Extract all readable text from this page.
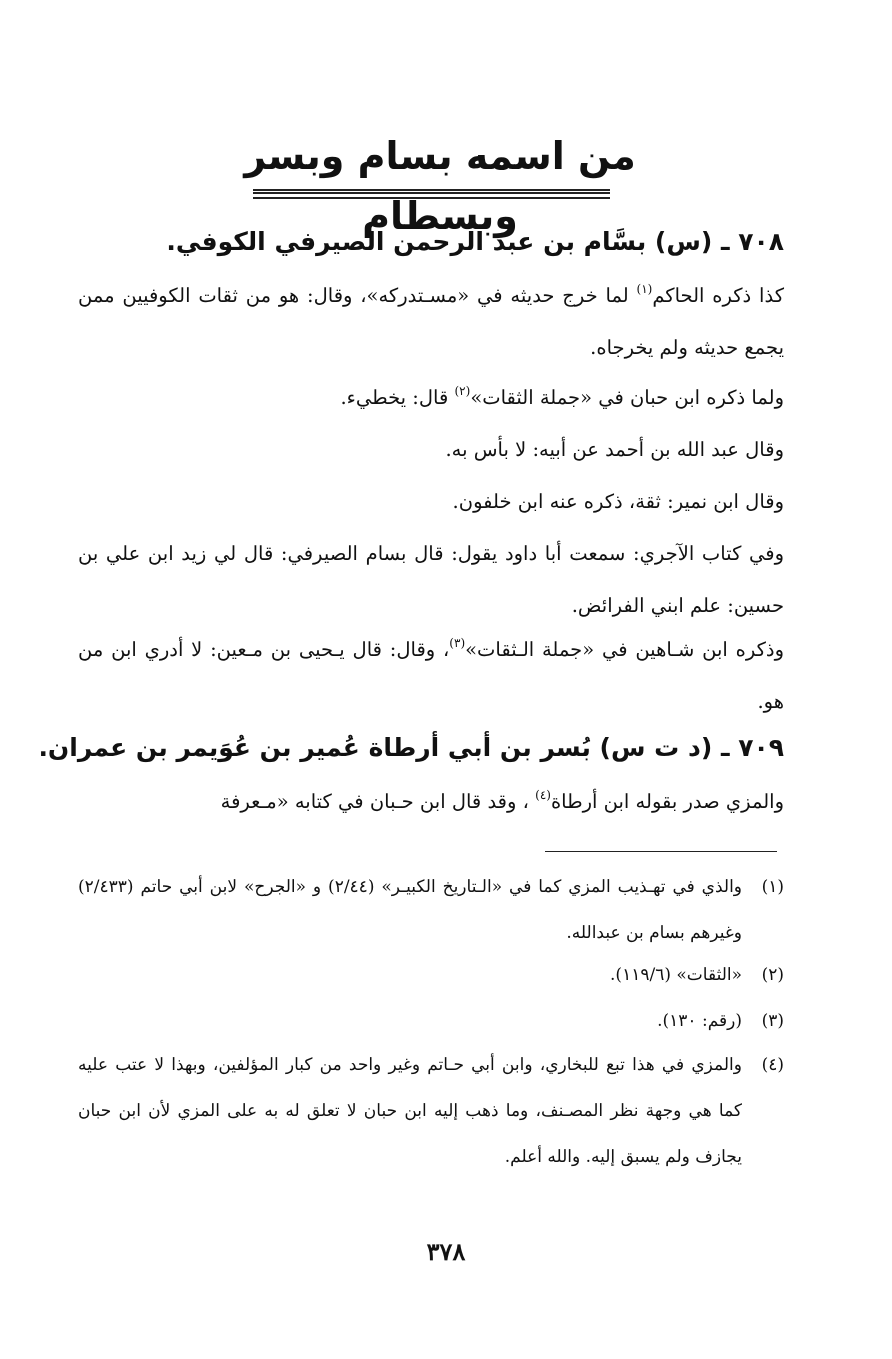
من اسمه بسام وبسر وبسطام
٧٠٨ ـ (س) بسَّام بن عبد الرحمن الصيرفي الكوفي.

كذا ذكره الحاكم$^{(١)}$ لما خرج حديثه في «مسـتدركه»، وقال: هو من ثقات الكوفيين ممن يجمع حديثه ولم يخرجاه.

ولما ذكره ابن حبان في «جملة الثقات»$^{(٢)}$ قال: يخطيء.

وقال عبد الله بن أحمد عن أبيه: لا بأس به.

وقال ابن نمير: ثقة، ذكره عنه ابن خلفون.

وفي كتاب الآجري: سمعت أبا داود يقول: قال بسام الصيرفي: قال لي زيد ابن علي بن حسين: علم ابني الفرائض.

وذكره ابن شـاهين في «جملة الـثقات»$^{(٣)}$، وقال: قال يـحيى بن مـعين: لا أدري ابن من هو.

٧٠٩ ـ (د ت س) بُسر بن أبي أرطاة عُمير بن عُوَيمر بن عمران.

والمزي صدر بقوله ابن أرطاة$^{(٤)}$ ، وقد قال ابن حـبان في كتابه «مـعرفة

(١)
والذي في تهـذيب المزي كما في «الـتاريخ الكبيـر» (٢/٤٤) و «الجرح» لابن أبي حاتم (٢/٤٣٣) وغيرهم بسام بن عبدالله.
(٢)
«الثقات» (١١٩/٦).
(٣)
(رقم: ١٣٠).
(٤)
والمزي في هذا تبع للبخاري، وابن أبي حـاتم وغير واحد من كبار المؤلفين، وبهذا لا عتب عليه كما هي وجهة نظر المصـنف، وما ذهب إليه ابن حبان لا تعلق له به على المزي لأن ابن حبان يجازف ولم يسبق إليه. والله أعلم.
٣٧٨
